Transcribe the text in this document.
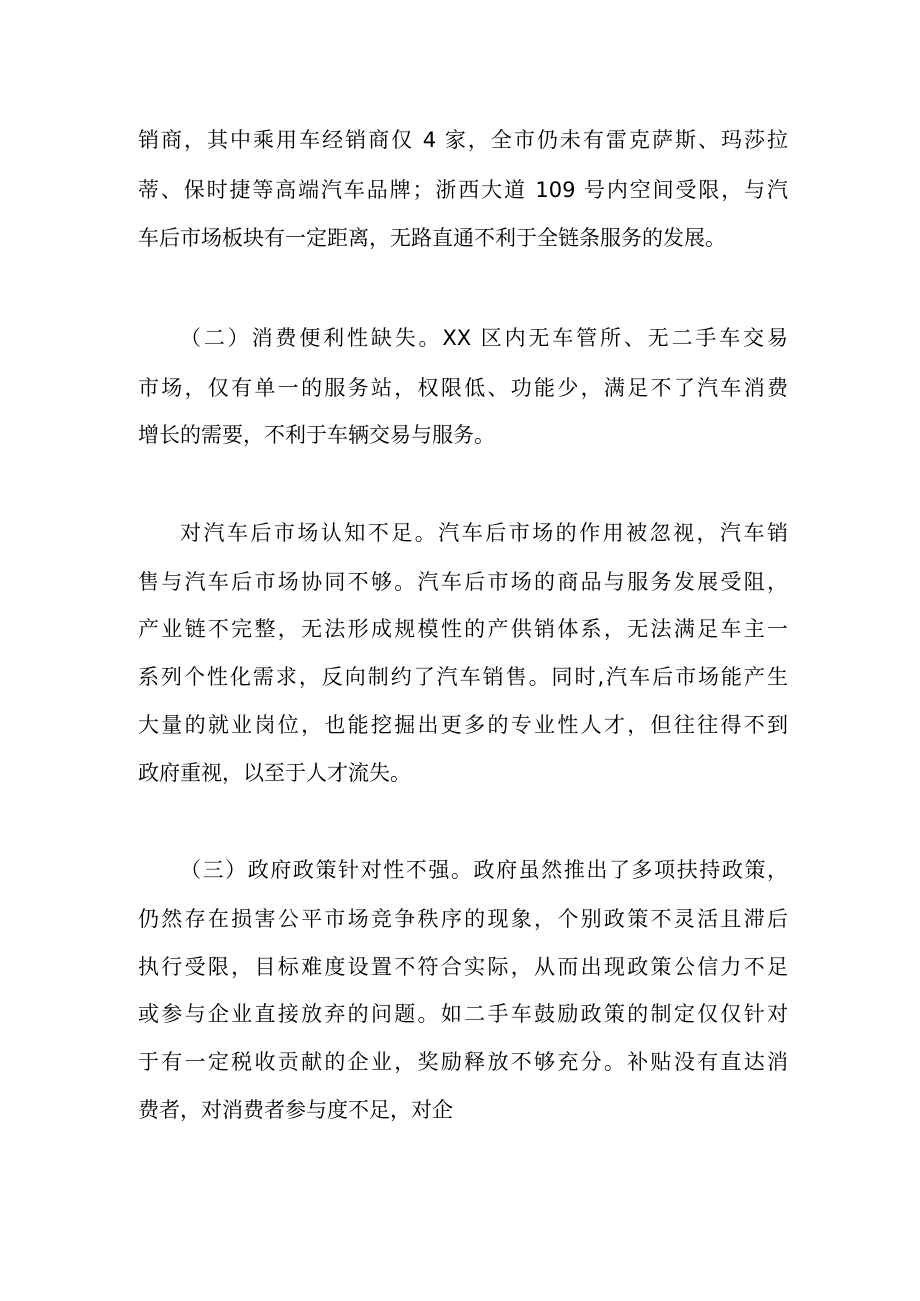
销商，其中乘用车经销商仅 4 家，全市仍未有雷克萨斯、玛莎拉
蒂、保时捷等高端汽车品牌；浙西大道 109 号内空间受限，与汽
车后市场板块有一定距离，无路直通不利于全链条服务的发展。
（二）消费便利性缺失。XX 区内无车管所、无二手车交易
市场，仅有单一的服务站，权限低、功能少，满足不了汽车消费
增长的需要，不利于车辆交易与服务。
对汽车后市场认知不足。汽车后市场的作用被忽视，汽车销
售与汽车后市场协同不够。汽车后市场的商品与服务发展受阻，
产业链不完整，无法形成规模性的产供销体系，无法满足车主一
系列个性化需求，反向制约了汽车销售。同时,汽车后市场能产生
大量的就业岗位，也能挖掘出更多的专业性人才，但往往得不到
政府重视，以至于人才流失。
（三）政府政策针对性不强。政府虽然推出了多项扶持政策，
仍然存在损害公平市场竞争秩序的现象，个别政策不灵活且滞后
执行受限，目标难度设置不符合实际，从而出现政策公信力不足
或参与企业直接放弃的问题。如二手车鼓励政策的制定仅仅针对
于有一定税收贡献的企业，奖励释放不够充分。补贴没有直达消
费者，对消费者参与度不足，对企
